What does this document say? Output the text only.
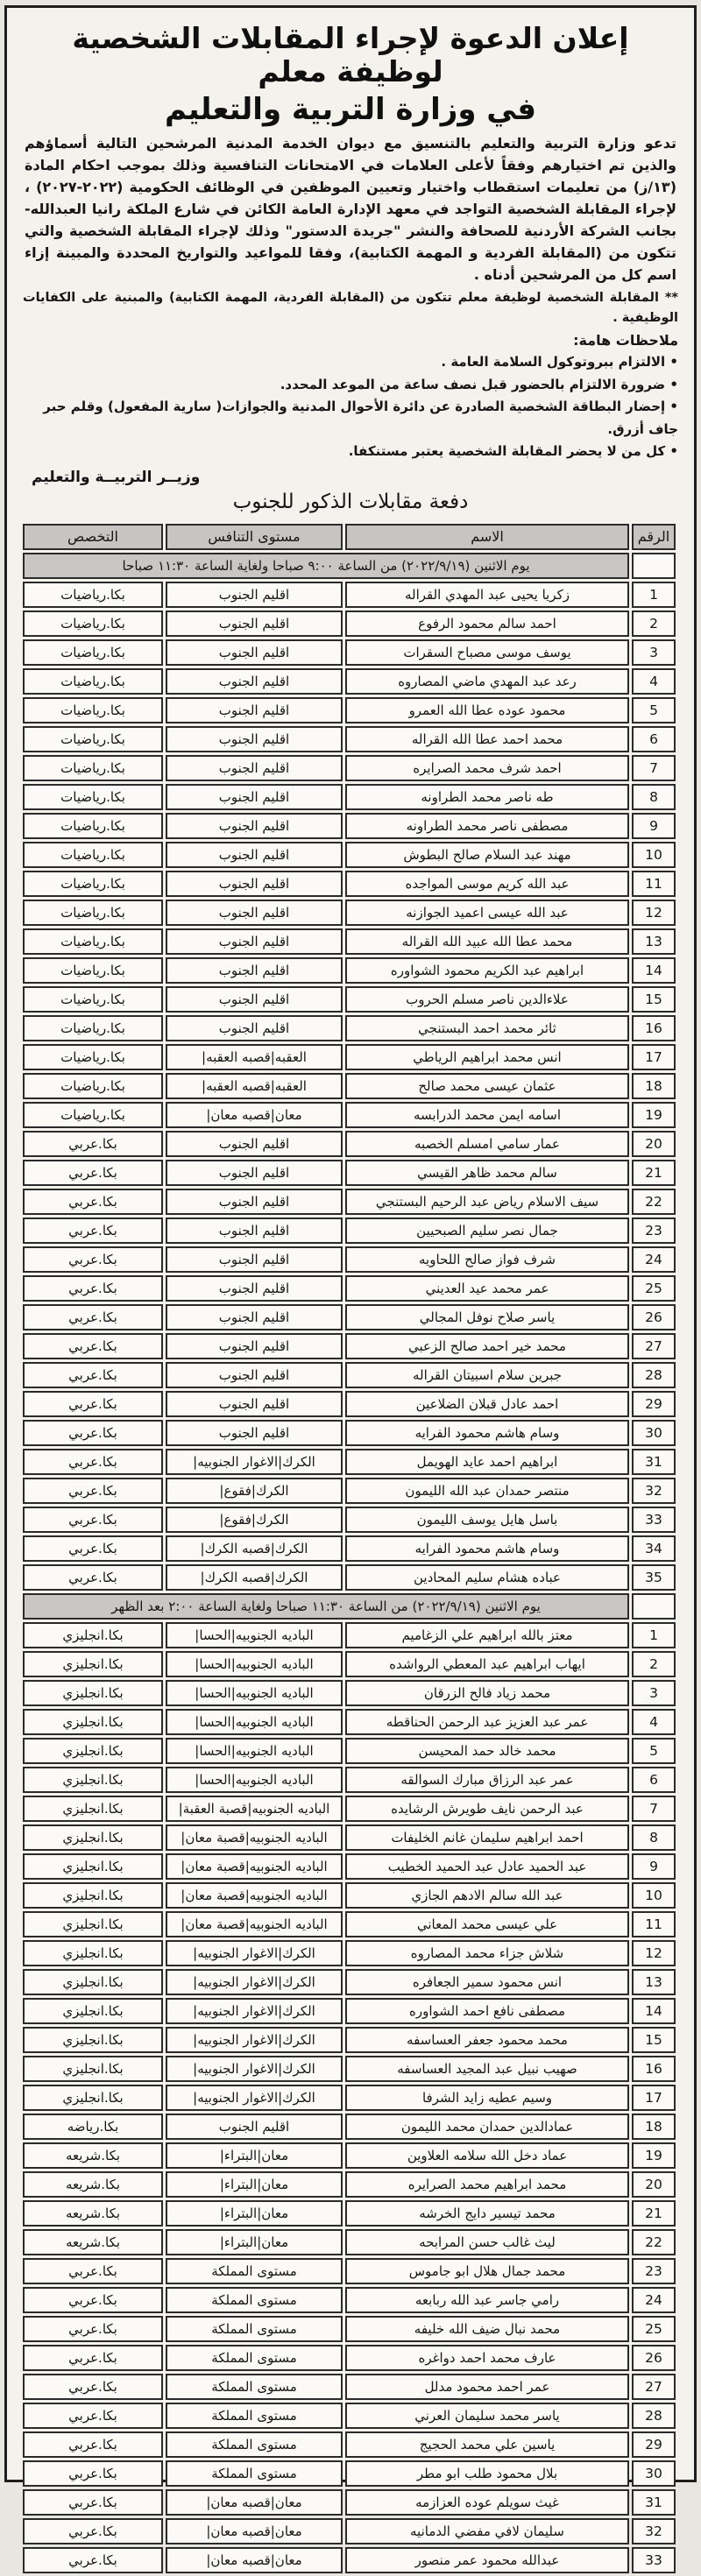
إعلان الدعوة لإجراء المقابلات الشخصية لوظيفة معلم
في وزارة التربية والتعليم

تدعو وزارة التربية والتعليم بالتنسيق مع ديوان الخدمة المدنية المرشحين التالية أسماؤهم والذين تم اختيارهم وفقاً لأعلى العلامات في الامتحانات التنافسية وذلك بموجب احكام المادة (١٣/ز) من تعليمات استقطاب واختيار وتعيين الموظفين في الوظائف الحكومية (٢٠٢٢-٢٠٢٧) ، لإجراء المقابلة الشخصية التواجد في معهد الإدارة العامة الكائن في شارع الملكة رانيا العبدالله-بجانب الشركة الأردنية للصحافة والنشر "جريدة الدستور" وذلك لإجراء المقابلة الشخصية والتي تتكون من (المقابلة الفردية و المهمة الكتابية)، وفقا للمواعيد والتواريخ المحددة والمبينة إزاء اسم كل من المرشحين أدناه .

** المقابلة الشخصية لوظيفة معلم تتكون من (المقابلة الفردية، المهمة الكتابية) والمبنية على الكفايات الوظيفية .

ملاحظات هامة:

• الالتزام ببروتوكول السلامة العامة .
• ضرورة الالتزام بالحضور قبل نصف ساعة من الموعد المحدد.
• إحضار البطاقة الشخصية الصادرة عن دائرة الأحوال المدنية والجوازات( سارية المفعول) وقلم حبر جاف أزرق.
• كل من لا يحضر المقابلة الشخصية يعتبر مستنكفا.
وزيــر التربيــة والتعليم
دفعة مقابلات الذكور للجنوب
الرقم	الاسم	مستوى التنافس	التخصص
	يوم الاثنين (٢٠٢٢/٩/١٩) من الساعة ٩:٠٠ صباحا ولغاية الساعة ١١:٣٠ صباحا		
1	زكريا يحيى عبد المهدي القراله	اقليم الجنوب	بكا.رياضيات
2	احمد سالم محمود الرفوع	اقليم الجنوب	بكا.رياضيات
3	يوسف موسى مصباح السقرات	اقليم الجنوب	بكا.رياضيات
4	رعد عبد المهدي ماضي المصاروه	اقليم الجنوب	بكا.رياضيات
5	محمود عوده عطا الله العمرو	اقليم الجنوب	بكا.رياضيات
6	محمد احمد عطا الله القراله	اقليم الجنوب	بكا.رياضيات
7	احمد شرف محمد الصرايره	اقليم الجنوب	بكا.رياضيات
8	طه ناصر محمد الطراونه	اقليم الجنوب	بكا.رياضيات
9	مصطفى ناصر محمد الطراونه	اقليم الجنوب	بكا.رياضيات
10	مهند عبد السلام صالح البطوش	اقليم الجنوب	بكا.رياضيات
11	عبد الله كريم موسى المواجده	اقليم الجنوب	بكا.رياضيات
12	عبد الله عيسى اعميد الجوازنه	اقليم الجنوب	بكا.رياضيات
13	محمد عطا الله عبيد الله القراله	اقليم الجنوب	بكا.رياضيات
14	ابراهيم عبد الكريم محمود الشواوره	اقليم الجنوب	بكا.رياضيات
15	علاءالدين ناصر مسلم الحروب	اقليم الجنوب	بكا.رياضيات
16	ثائر محمد احمد البستنجي	اقليم الجنوب	بكا.رياضيات
17	انس محمد ابراهيم الرياطي	العقبه|قصبه العقبه|	بكا.رياضيات
18	عثمان عيسى محمد صالح	العقبه|قصبه العقبه|	بكا.رياضيات
19	اسامه ايمن محمد الدرابسه	معان|قصبه معان|	بكا.رياضيات
20	عمار سامي امسلم الخصبه	اقليم الجنوب	بكا.عربي
21	سالم محمد ظاهر القيسي	اقليم الجنوب	بكا.عربي
22	سيف الاسلام رياض عبد الرحيم البستنجي	اقليم الجنوب	بكا.عربي
23	جمال نصر سليم الصبحيين	اقليم الجنوب	بكا.عربي
24	شرف فواز صالح اللحاويه	اقليم الجنوب	بكا.عربي
25	عمر محمد عيد العديني	اقليم الجنوب	بكا.عربي
26	ياسر صلاح نوفل المجالي	اقليم الجنوب	بكا.عربي
27	محمد خير احمد صالح الزعبي	اقليم الجنوب	بكا.عربي
28	جبرين سلام اسبيتان القراله	اقليم الجنوب	بكا.عربي
29	احمد عادل قبلان الضلاعين	اقليم الجنوب	بكا.عربي
30	وسام هاشم محمود الفرايه	اقليم الجنوب	بكا.عربي
31	ابراهيم احمد عايد الهويمل	الكرك|الاغوار الجنوبيه|	بكا.عربي
32	منتصر حمدان عبد الله الليمون	الكرك|فقوع|	بكا.عربي
33	باسل هايل يوسف الليمون	الكرك|فقوع|	بكا.عربي
34	وسام هاشم محمود الفرايه	الكرك|قصبه الكرك|	بكا.عربي
35	عباده هشام سليم المحادين	الكرك|قصبه الكرك|	بكا.عربي
	يوم الاثنين (٢٠٢٢/٩/١٩) من الساعة ١١:٣٠ صباحا ولغاية الساعة ٢:٠٠ بعد الظهر		
1	معتز بالله ابراهيم علي الزغاميم	الباديه الجنوبيه|الحسا|	بكا.انجليزي
2	ايهاب ابراهيم عبد المعطي الرواشده	الباديه الجنوبيه|الحسا|	بكا.انجليزي
3	محمد زياد فالح الزرقان	الباديه الجنوبيه|الحسا|	بكا.انجليزي
4	عمر عبد العزيز عبد الرحمن الحناقطه	الباديه الجنوبيه|الحسا|	بكا.انجليزي
5	محمد خالد حمد المحيسن	الباديه الجنوبيه|الحسا|	بكا.انجليزي
6	عمر عبد الرزاق مبارك السوالقه	الباديه الجنوبيه|الحسا|	بكا.انجليزي
7	عبد الرحمن نايف طويرش الرشايده	الباديه الجنوبيه|قصبة العقبة|	بكا.انجليزي
8	احمد ابراهيم سليمان غانم الخليفات	الباديه الجنوبيه|قصبة معان|	بكا.انجليزي
9	عبد الحميد عادل عبد الحميد الخطيب	الباديه الجنوبيه|قصبة معان|	بكا.انجليزي
10	عبد الله سالم الادهم الجازي	الباديه الجنوبيه|قصبة معان|	بكا.انجليزي
11	علي عيسى محمد المعاني	الباديه الجنوبيه|قصبة معان|	بكا.انجليزي
12	شلاش جزاء محمد المصاروه	الكرك|الاغوار الجنوبيه|	بكا.انجليزي
13	انس محمود سمير الجعافره	الكرك|الاغوار الجنوبيه|	بكا.انجليزي
14	مصطفى نافع احمد الشواوره	الكرك|الاغوار الجنوبيه|	بكا.انجليزي
15	محمد محمود جعفر العساسفه	الكرك|الاغوار الجنوبيه|	بكا.انجليزي
16	صهيب نبيل عبد المجيد العساسفه	الكرك|الاغوار الجنوبيه|	بكا.انجليزي
17	وسيم عطيه زايد الشرفا	الكرك|الاغوار الجنوبيه|	بكا.انجليزي
18	عمادالدين حمدان محمد الليمون	اقليم الجنوب	بكا.رياضه
19	عماد دخل الله سلامه العلاوين	معان|البتراء|	بكا.شريعه
20	محمد ابراهيم محمد الصرايره	معان|البتراء|	بكا.شريعه
21	محمد تيسير دايج الخرشه	معان|البتراء|	بكا.شريعه
22	ليث غالب حسن المرابحه	معان|البتراء|	بكا.شريعه
23	محمد جمال هلال ابو جاموس	مستوى المملكة	بكا.عربي
24	رامي جاسر عبد الله ربابعه	مستوى المملكة	بكا.عربي
25	محمد نبال ضيف الله خليفه	مستوى المملكة	بكا.عربي
26	عارف محمد احمد دواغره	مستوى المملكة	بكا.عربي
27	عمر احمد محمود مدلل	مستوى المملكة	بكا.عربي
28	ياسر محمد سليمان العرني	مستوى المملكة	بكا.عربي
29	ياسين علي محمد الحجيج	مستوى المملكة	بكا.عربي
30	بلال محمود طلب ابو مطر	مستوى المملكة	بكا.عربي
31	غيث سويلم عوده العزازمه	معان|قصبه معان|	بكا.عربي
32	سليمان لافي مفضي الدمانيه	معان|قصبه معان|	بكا.عربي
33	عبدالله محمود عمر منصور	معان|قصبه معان|	بكا.عربي
